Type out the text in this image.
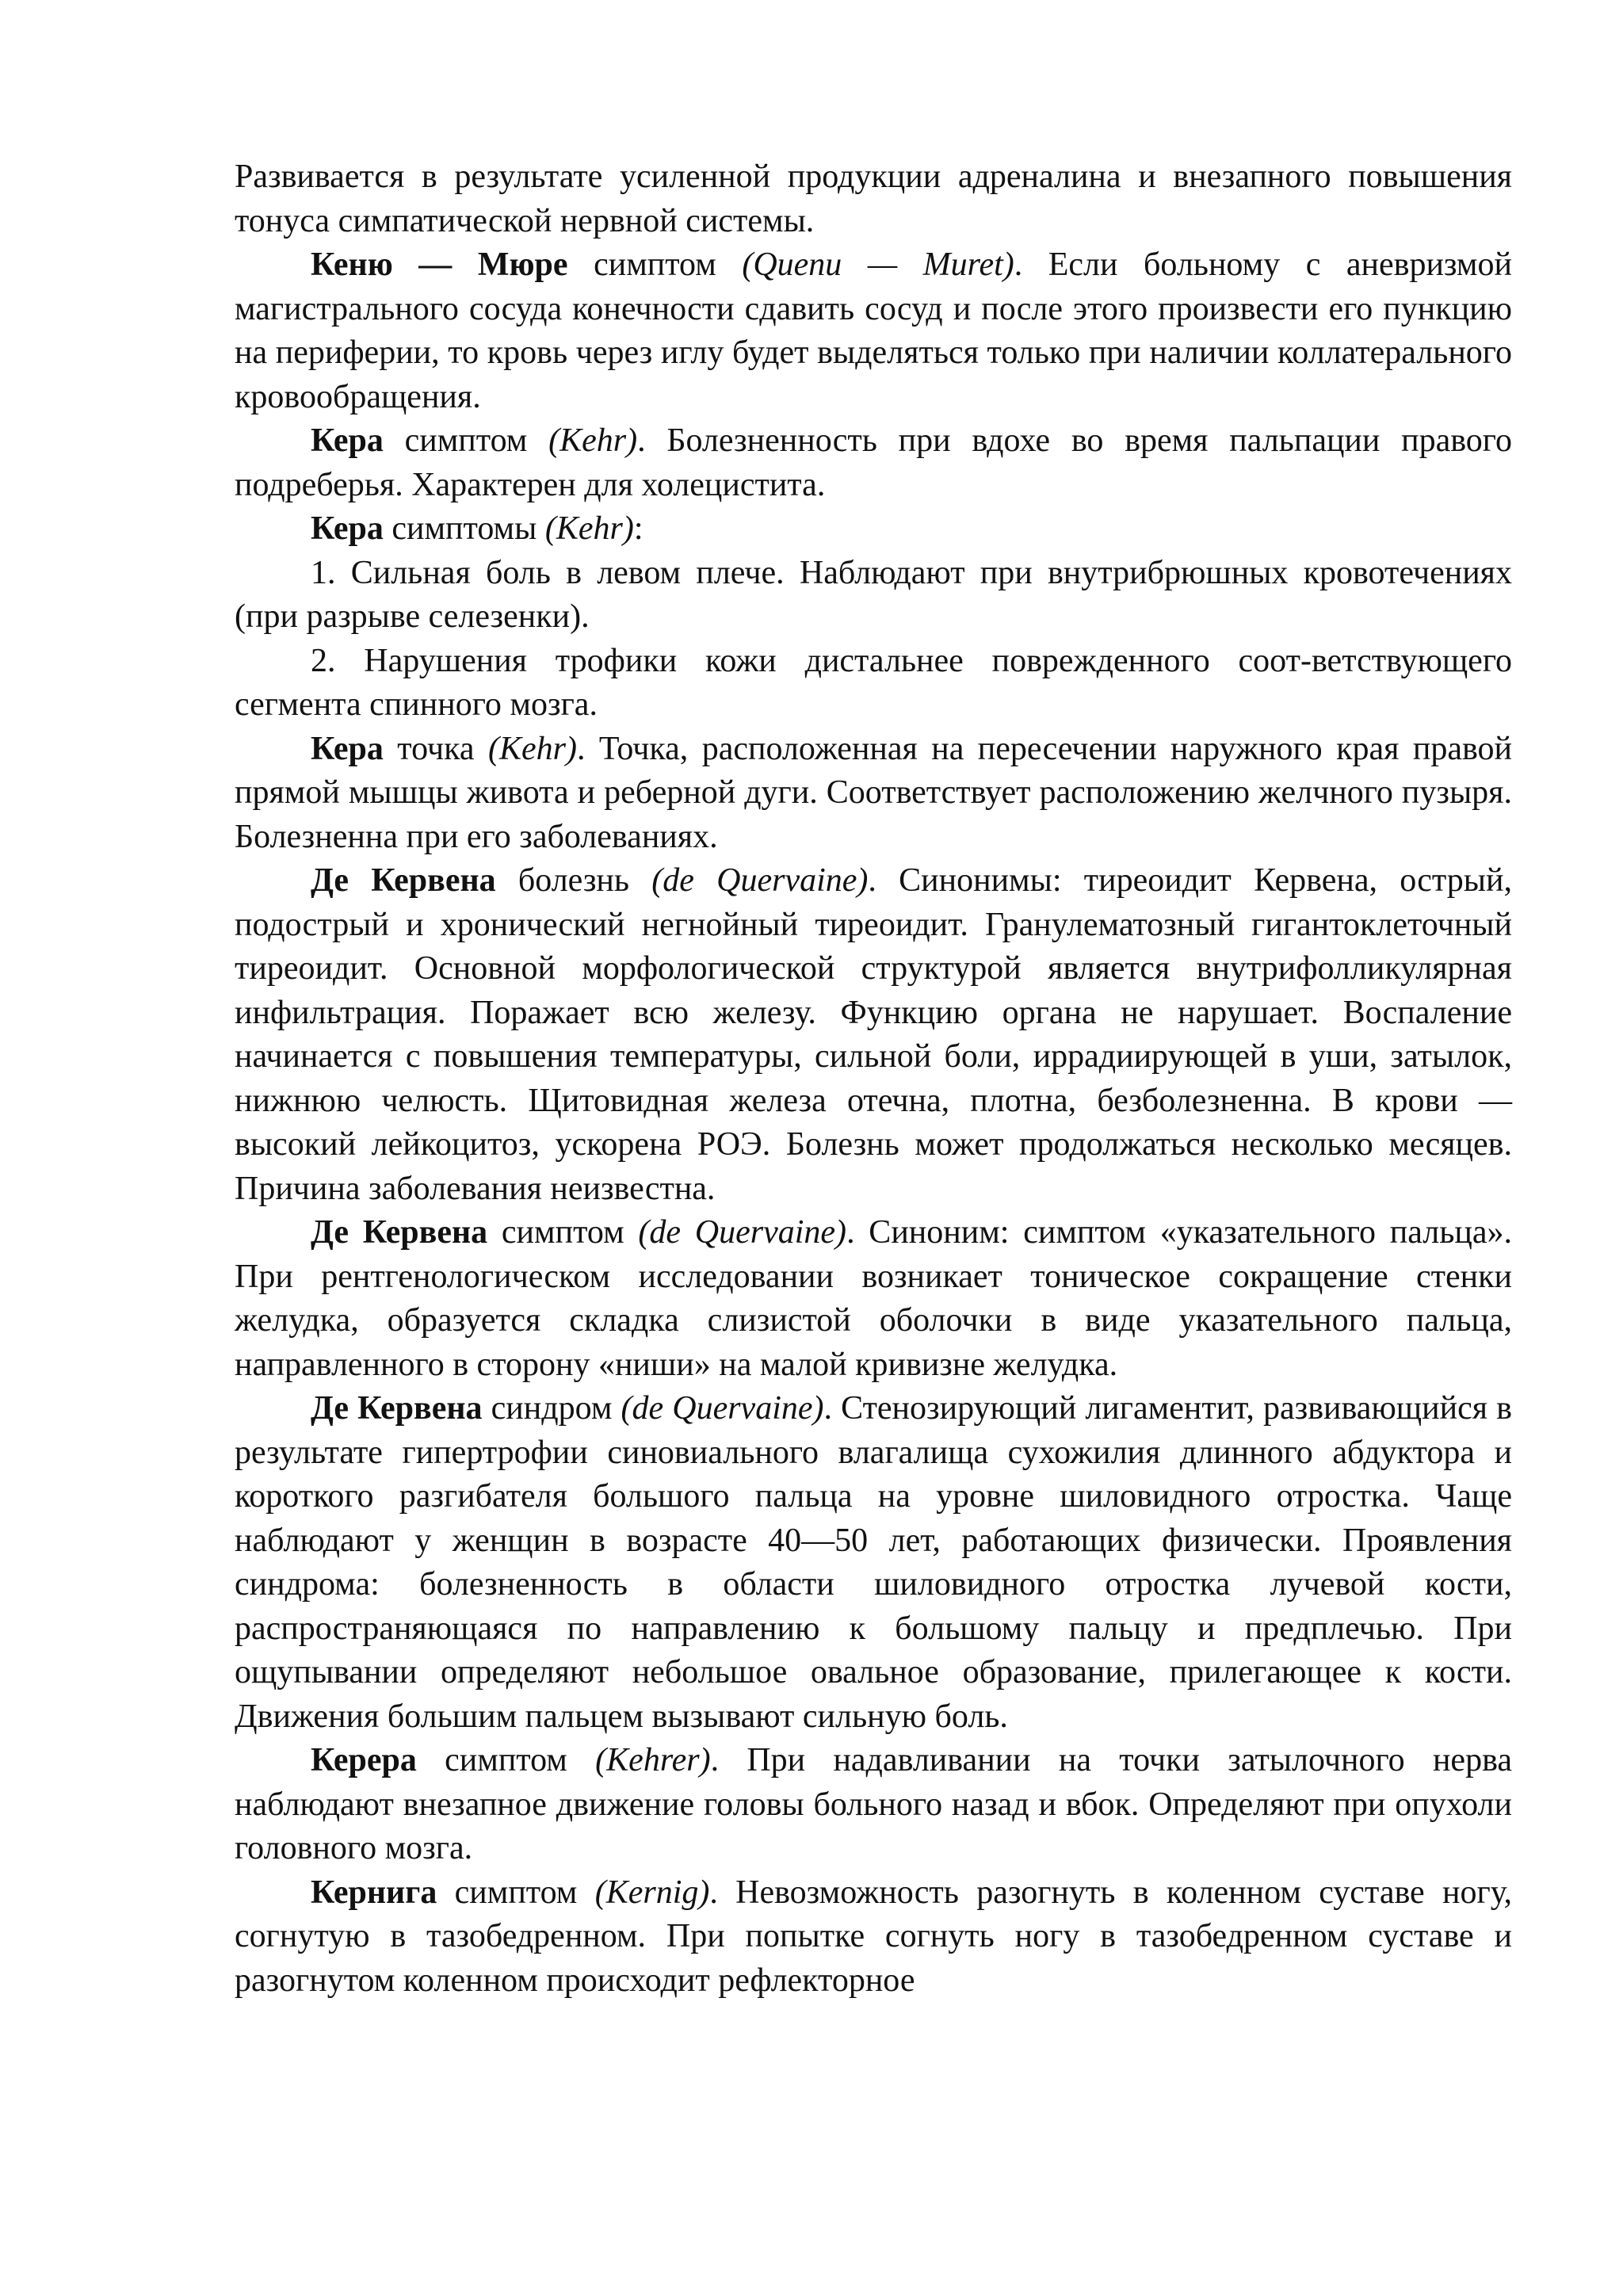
Развивается в результате усиленной продукции адреналина и внезапного повышения тонуса симпатической нервной системы.

Кеню — Мюре симптом (Quenu — Muret). Если больному с аневризмой магистрального сосуда конечности сдавить сосуд и после этого произвести его пункцию на периферии, то кровь через иглу будет выделяться только при наличии коллатерального кровообращения.

Кера симптом (Kehr). Болезненность при вдохе во время пальпации правого подреберья. Характерен для холецистита.

Кера симптомы (Kehr):

1. Сильная боль в левом плече. Наблюдают при внутрибрюшных кровотечениях (при разрыве селезенки).

2. Нарушения трофики кожи дистальнее поврежденного соот-ветствующего сегмента спинного мозга.

Кера точка (Kehr). Точка, расположенная на пересечении наружного края правой прямой мышцы живота и реберной дуги. Соответствует расположению желчного пузыря. Болезненна при его заболеваниях.

Де Кервена болезнь (de Quervaine). Синонимы: тиреоидит Кервена, острый, подострый и хронический негнойный тиреоидит. Гранулематозный гигантоклеточный тиреоидит. Основной морфологической структурой является внутрифолликулярная инфильтрация. Поражает всю железу. Функцию органа не нарушает. Воспаление начинается с повышения температуры, сильной боли, иррадиирующей в уши, затылок, нижнюю челюсть. Щитовидная железа отечна, плотна, безболезненна. В крови — высокий лейкоцитоз, ускорена РОЭ. Болезнь может продолжаться несколько месяцев. Причина заболевания неизвестна.

Де Кервена симптом (de Quervaine). Синоним: симптом «указательного пальца». При рентгенологическом исследовании возникает тоническое сокращение стенки желудка, образуется складка слизистой оболочки в виде указательного пальца, направленного в сторону «ниши» на малой кривизне желудка.

Де Кервена синдром (de Quervaine). Стенозирующий лигаментит, развивающийся в результате гипертрофии синовиального влагалища сухожилия длинного абдуктора и короткого разгибателя большого пальца на уровне шиловидного отростка. Чаще наблюдают у женщин в возрасте 40—50 лет, работающих физически. Проявления синдрома: болезненность в области шиловидного отростка лучевой кости, распространяющаяся по направлению к большому пальцу и предплечью. При ощупывании определяют небольшое овальное образование, прилегающее к кости. Движения большим пальцем вызывают сильную боль.

Керера симптом (Kehrer). При надавливании на точки затылочного нерва наблюдают внезапное движение головы больного назад и вбок. Определяют при опухоли головного мозга.

Кернига симптом (Kernig). Невозможность разогнуть в коленном суставе ногу, согнутую в тазобедренном. При попытке согнуть ногу в тазобедренном суставе и разогнутом коленном происходит рефлекторное
